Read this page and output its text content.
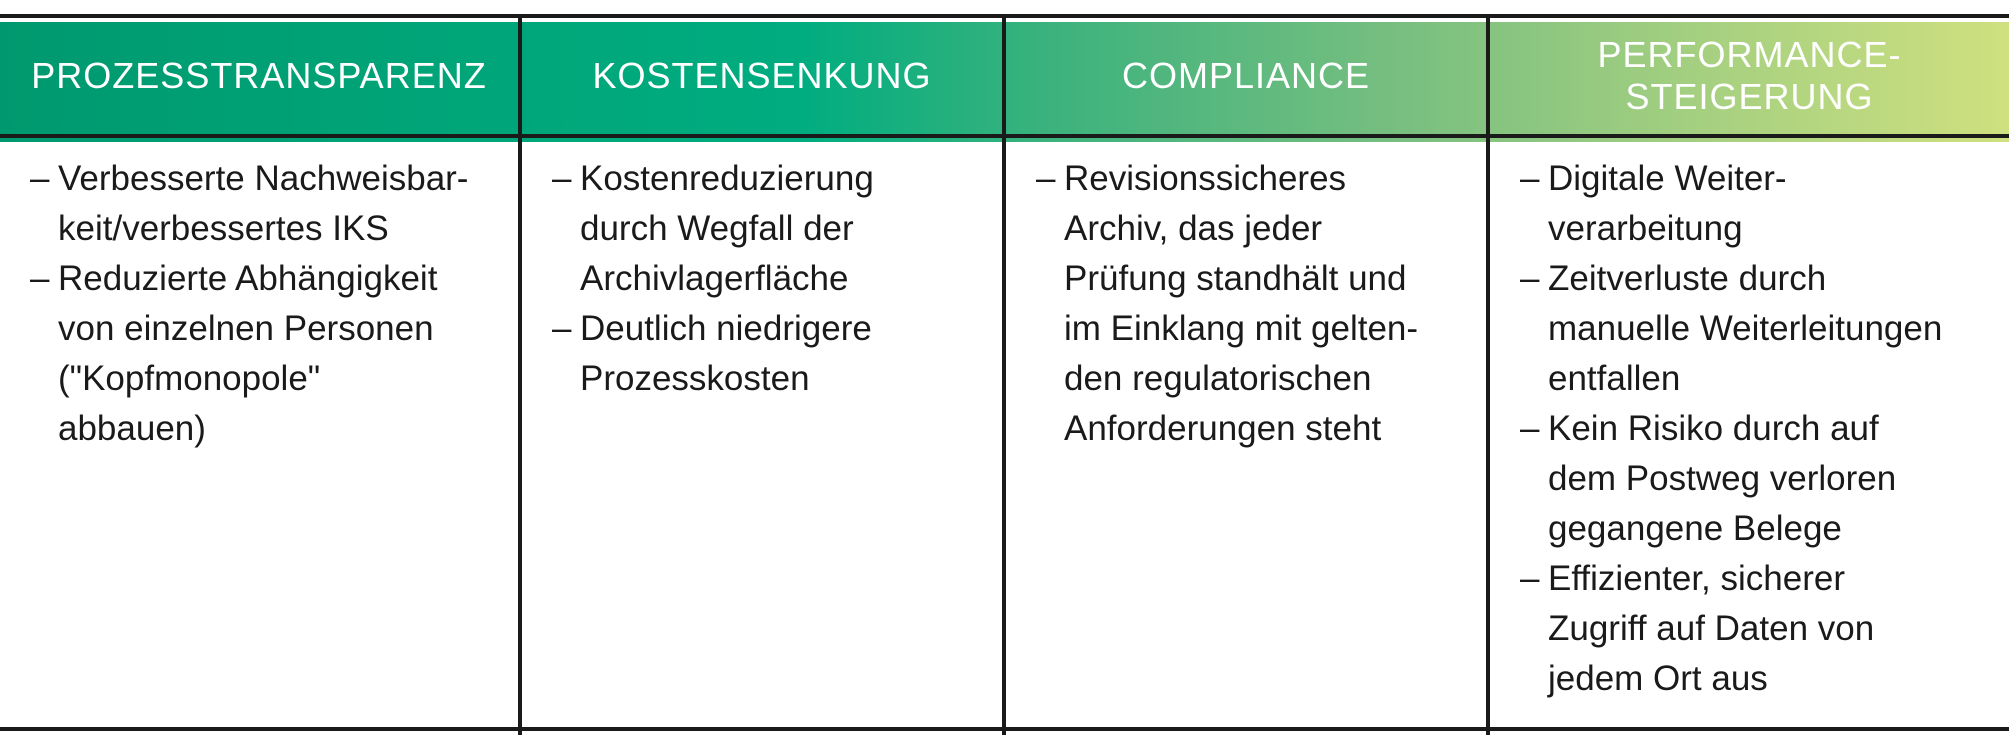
PROZESSTRANSPARENZ	KOSTENSENKUNG	COMPLIANCE
PERFORMANCE-
STEIGERUNG
– Verbesserte Nachweisbar-
keit/verbessertes IKS
– Reduzierte Abhängigkeit
von einzelnen Personen
("Kopfmonopole"
abbauen)
– Kostenreduzierung
durch Wegfall der
Archivlagerfläche
– Deutlich niedrigere
Prozesskosten
– Revisionssicheres
Archiv, das jeder
Prüfung standhält und
im Einklang mit gelten-
den regulatorischen
Anforderungen steht
– Digitale Weiter-
verarbeitung
– Zeitverluste durch
manuelle Weiterleitungen
entfallen
– Kein Risiko durch auf
dem Postweg verloren
gegangene Belege
– Effizienter, sicherer
Zugriff auf Daten von
jedem Ort aus
